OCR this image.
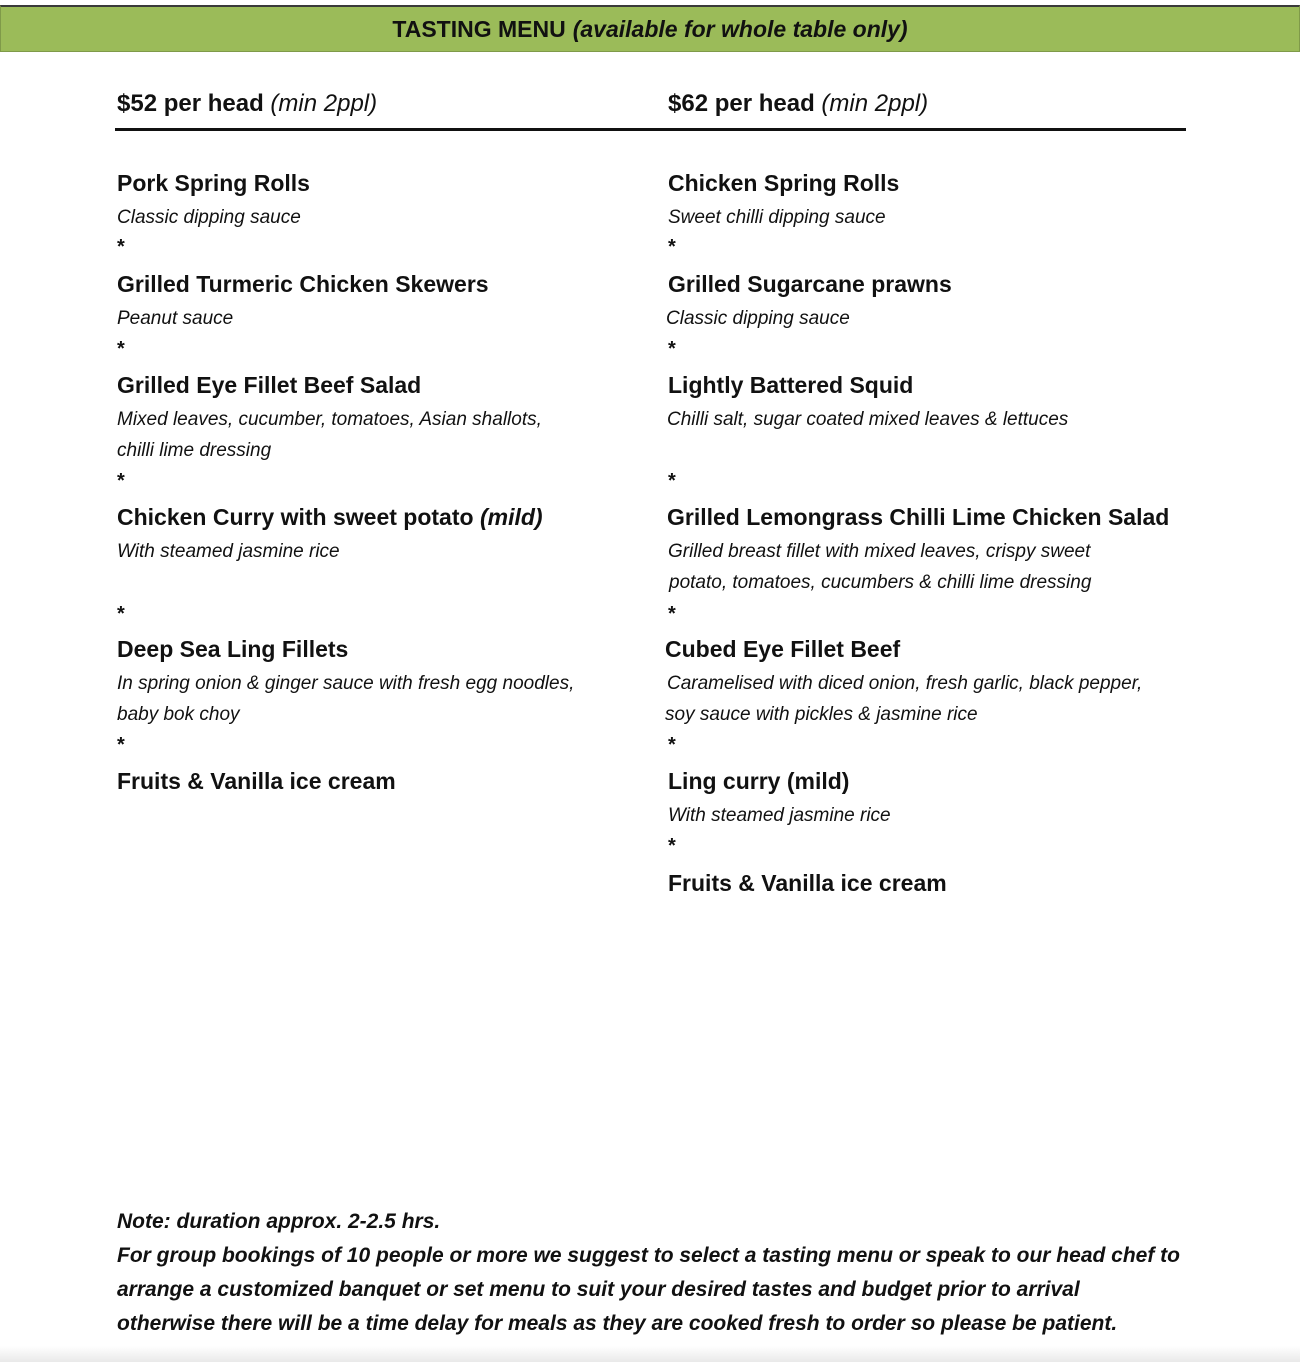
TASTING MENU (available for whole table only)
$52 per head (min 2ppl)	$62 per head (min 2ppl)
Pork Spring Rolls
Classic dipping sauce
*
Grilled Turmeric Chicken Skewers
Peanut sauce
*
Grilled Eye Fillet Beef Salad
Mixed leaves, cucumber, tomatoes, Asian shallots,
chilli lime dressing
*
Chicken Curry with sweet potato (mild)
With steamed jasmine rice
*
Deep Sea Ling Fillets
In spring onion & ginger sauce with fresh egg noodles,
baby bok choy
*
Fruits & Vanilla ice cream
Chicken Spring Rolls
Sweet chilli dipping sauce
*
Grilled Sugarcane prawns
Classic dipping sauce
*
Lightly Battered Squid
Chilli salt, sugar coated mixed leaves & lettuces
*
Grilled Lemongrass Chilli Lime Chicken Salad
Grilled breast fillet with mixed leaves, crispy sweet
potato, tomatoes, cucumbers & chilli lime dressing
*
Cubed Eye Fillet Beef
Caramelised with diced onion, fresh garlic, black pepper,
soy sauce with pickles & jasmine rice
*
Ling curry (mild)
With steamed jasmine rice
*
Fruits & Vanilla ice cream
Note: duration approx. 2-2.5 hrs.
For group bookings of 10 people or more we suggest to select a tasting menu or speak to our head chef to
arrange a customized banquet or set menu to suit your desired tastes and budget prior to arrival
otherwise there will be a time delay for meals as they are cooked fresh to order so please be patient.
